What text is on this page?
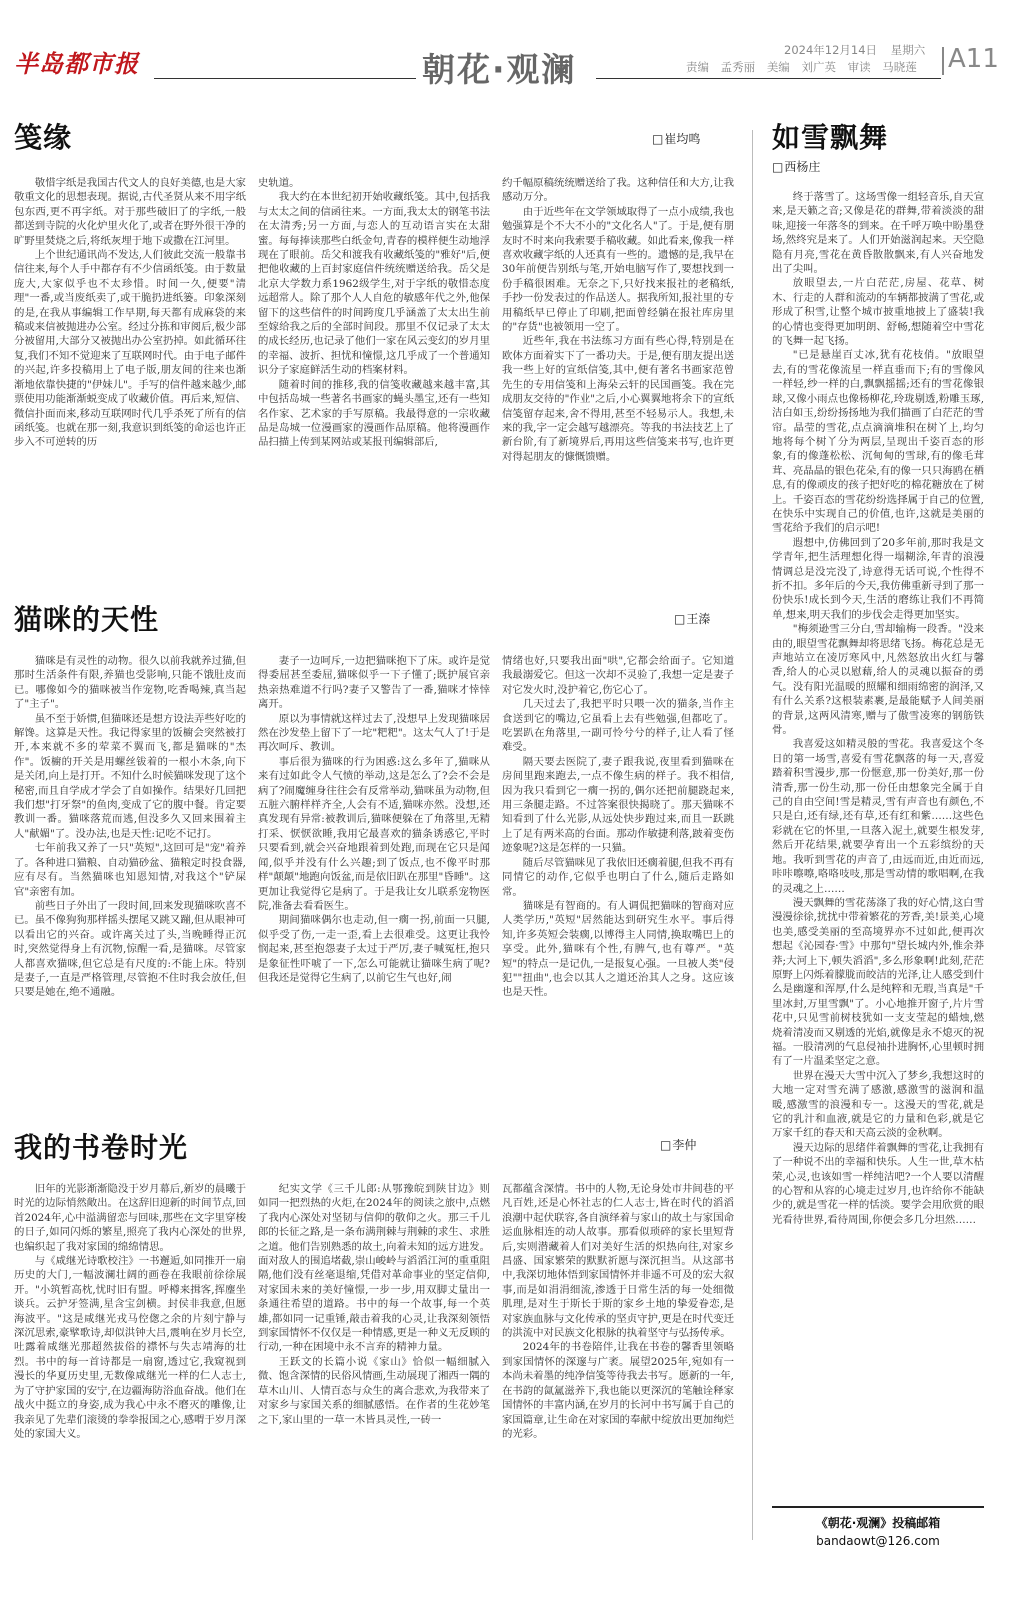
半岛都市报	朝花·观澜	2024年12月14日 星期六
责编 孟秀丽 美编 刘广英 审读 马晓莲	A11
笺缘	□ 崔均鸣

敬惜字纸是我国古代文人的良好美德,也是大家敬重文化的思想表现。据说,古代圣贤从来不用字纸包东西,更不再字纸。对于那些破旧了的字纸,一般都送到寺院的火化炉里火化了,或者在野外很干净的旷野里焚烧之后,将纸灰埋于地下或撒在江河里。

上个世纪通讯尚不发达,人们彼此交流一般靠书信往来,每个人手中都存有不少信函纸笺。由于数量庞大,大家似乎也不太珍惜。时间一久,便要"清理"一番,或当废纸卖了,或干脆扔进纸篓。印象深刻的是,在我从事编辑工作早期,每天都有成麻袋的来稿或来信被抛进办公室。经过分拣和审阅后,极少部分被留用,大部分又被抛出办公室扔掉。如此循环往复,我们不知不觉迎来了互联网时代。由于电子邮件的兴起,许多投稿用上了电子版,朋友间的往来也渐渐地依靠快捷的"伊妹儿"。手写的信件越来越少,邮票使用功能渐渐蜕变成了收藏价值。再后来,短信、微信扑面而来,移动互联网时代几乎杀死了所有的信函纸笺。也就在那一刻,我意识到纸笺的命运也许正步入不可逆转的历

史轨道。

我大约在本世纪初开始收藏纸笺。其中,包括我与太太之间的信函往来。一方面,我太太的钢笔书法在太清秀;另一方面,与恋人的互动语言实在太甜蜜。每每捧读那些白纸金句,青春的模样便生动地浮现在了眼前。岳父和渡我有收藏纸笺的"雅好"后,便把他收藏的上百封家庭信件统统赠送给我。岳父是北京大学数力系1962级学生,对于字纸的敬惜态度远超常人。除了那个人人自危的敏感年代之外,他保留下的这些信件的时间跨度几乎涵盖了太太出生前至嫁给我之后的全部时间段。那里不仅记录了太太的成长经历,也记录了他们一家在风云变幻的岁月里的幸福、波折、担忧和憧憬,这几乎成了一个普通知识分子家庭鲜活生动的档案材料。

随着时间的推移,我的信笺收藏越来越丰富,其中包括岛城一些著名书画家的蝇头墨宝,还有一些知名作家、艺术家的手写原稿。我最得意的一宗收藏品是岛城一位漫画家的漫画作品原稿。他将漫画作品扫描上传到某网站或某报刊编辑部后,

约千幅原稿统统赠送给了我。这种信任和大方,让我感动万分。

由于近些年在文学领域取得了一点小成绩,我也勉强算是个不大不小的"文化名人"了。于是,便有朋友时不时来向我索要手稿收藏。如此看来,像我一样喜欢收藏字纸的人还真有一些的。遗憾的是,我早在30年前便告别纸与笔,开始电脑写作了,要想找到一份手稿很困难。无奈之下,只好找来报社的老稿纸,手抄一份发表过的作品送人。据我所知,报社里的专用稿纸早已停止了印刷,把面曾经躺在报社库房里的"存货"也被领用一空了。

近些年,我在书法练习方面有些心得,特别是在欧体方面着实下了一番功夫。于是,便有朋友提出送我一些上好的宣纸信笺,其中,便有著名书画家范曾先生的专用信笺和上海朵云轩的民国画笺。我在完成朋友交待的"作业"之后,小心翼翼地将余下的宣纸信笺留存起来,舍不得用,甚至不轻易示人。我想,未来的我,字一定会越写越漂亮。等我的书法技艺上了新台阶,有了新境界后,再用这些信笺来书写,也许更对得起朋友的慷慨馈赠。

猫咪的天性	□ 王溱

猫咪是有灵性的动物。很久以前我就养过猫,但那时生活条件有限,养猫也受影响,只能不饿肚皮而已。哪像如今的猫咪被当作宠物,吃香喝辣,真当起了"主子"。

虽不至于娇惯,但猫咪还是想方设法弄些好吃的解馋。这算是天性。我记得家里的饭櫥会突然被打开,本来就不多的荤菜不翼而飞,都是猫咪的"杰作"。饭櫥的开关是用螺丝钹着的一根小木条,向下是关闭,向上是打开。不知什么时候猫咪发现了这个秘密,而且自学成才学会了自如操作。结果好几回把我们想"打牙祭"的鱼肉,变成了它的腹中餐。肯定要教训一番。猫咪落荒而逃,但没多久又回来围着主人"献媚"了。没办法,也是天性:记吃不记打。

七年前我又养了一只"英短",这回可是"宠"着养了。各种进口猫粮、自动猫砂盆、猫粮定时投食器,应有尽有。当然猫咪也知恩知情,对我这个"铲屎官"亲密有加。

前些日子外出了一段时间,回来发现猫咪吹喜不已。虽不像狗狗那样摇头摆尾又跳又蹦,但从眼神可以看出它的兴奋。或许离关过了头,当晚睡得正沉时,突然觉得身上有沉物,惊醒一看,是猫咪。尽管家人都喜欢猫咪,但它总是有尺度的:不能上床。特别是妻子,一直是严格管理,尽管抱不住时我会放任,但只要是她在,绝不通融。

妻子一边呵斥,一边把猫咪抱下了床。或许是觉得委屈甚至委屈,猫咪似乎一下子懂了;既护展官亲热亲热难道不行吗?妻子又警告了一番,猫咪才悻悻离开。

原以为事情就这样过去了,没想早上发现猫咪居然在沙发垫上留下了一坨"粑粑"。这太气人了!于是再次呵斥、教训。

事后很为猫咪的行为困惑:这么多年了,猫咪从来有过如此令人气愤的举动,这是怎么了?会不会是病了?闹魔缠身往往会有反常举动,猫咪虽为动物,但五脏六腑样样齐全,人会有不适,猫咪亦然。没想,还真发现有异常:被教训后,猫咪便躲在了角落里,无精打采、恹恹欲睡,我用它最喜欢的猫条诱惑它,平时只要看到,就会兴奋地跟着到处跑,而现在它只是闻闻,似乎并没有什么兴趣;到了饭点,也不像平时那样"颠颠"地跑向饭盆,而是依旧趴在那里"昏睡"。这更加让我觉得它是病了。于是我让女儿联系宠物医院,准备去看看医生。

期间猫咪偶尔也走动,但一瘸一拐,前面一只腿,似乎受了伤,一走一歪,看上去很难受。这更让我怜悯起来,甚至抱怨妻子太过于严厉,妻子喊冤枉,抱只是象征性吓唬了一下,怎么可能就让猫咪生病了呢?但我还是觉得它生病了,以前它生气也好,闹

情绪也好,只要我出面"哄",它都会给面子。它知道我最溺爱它。但这一次却不灵验了,我想一定是妻子对它发火时,没护着它,伤它心了。

几天过去了,我把平时只喂一次的猫条,当作主食送到它的嘴边,它虽看上去有些勉强,但都吃了。吃罢趴在角落里,一副可怜兮兮的样子,让人看了怪难受。

隔天要去医院了,妻子跟我说,夜里看到猫咪在房间里跑来跑去,一点不像生病的样子。我不相信,因为我只看到它一瘸一拐的,偶尔还把前腿跷起来,用三条腿走路。不过答案很快揭晓了。那天猫咪不知看到了什么光影,从远处快步跑过来,而且一跃跳上了足有两米高的台面。那动作敏捷利落,跛着变伤迹象呢?这是怎样的一只猫。

随后尽管猫咪见了我依旧还瘸着腿,但我不再有同情它的动作,它似乎也明白了什么,随后走路如常。

猫咪是有智商的。有人调侃把猫咪的智商对应人类学历,"英短"居然能达到研究生水平。事后得知,许多英短会装瘸,以博得主人同情,换取嘴巴上的享受。此外,猫咪有个性,有脾气,也有尊严。"英短"的特点一是记仇,一是报复心强。一旦被人类"侵犯""扭曲",也会以其人之道还治其人之身。这应该也是天性。

我的书卷时光	□ 李仲

旧年的光影渐渐隐没于岁月幕后,新岁的晨曦于时光的边际悄然敞出。在这辞旧迎新的时间节点,回首2024年,心中溢满留恋与回味,那些在文字里穿梭的日子,如同闪烁的繁星,照亮了我内心深处的世界,也编织起了我对家国的绵绵情思。

与《咸继光诗歌校注》一书邂逅,如同推开一扇历史的大门,一幅波澜壮阔的画卷在我眼前徐徐展开。"小筑暂高枕,忧时旧有盟。呼樽来揖客,挥麈坐谈兵。云护牙签满,星含宝剑横。封侯非我意,但愿海波平。"这是咸继光戎马倥偬之余的片刻宁静与深沉思索,豪擘歌诗,却似洪钟大吕,震响在岁月长空,吐露着咸继光那超然拔俗的襟怀与失志靖海的壮烈。书中的每一首诗都是一扇窗,透过它,我窥视到漫长的华夏历史里,无数像咸继光一样的仁人志士,为了守护家国的安宁,在边疆海防浴血奋战。他们在战火中挺立的身姿,成为我心中永不磨灭的雕像,让我亲见了先辈们滚烫的拳拳报国之心,感喟于岁月深处的家国大义。

纪实文学《三千儿郎:从鄂豫皖到陕甘边》则如同一把烈热的火炬,在2024年的阅读之旅中,点燃了我内心深处对坚韧与信仰的敬仰之火。那三千儿郎的长征之路,是一条布满荆棘与荆棘的求生、求胜之道。他们告别熟悉的故土,向着未知的远方进发。面对敌人的围追堵截,崇山峻岭与滔滔江河的重重阻隔,他们没有丝毫退缩,凭借对革命事业的坚定信仰,对家国未来的美好憧憬,一步一步,用双脚丈量出一条通往希望的道路。书中的每一个故事,每一个英雄,都如同一记重锤,敲击着我的心灵,让我深刻领悟到家国情怀不仅仅是一种情感,更是一种义无反顾的行动,一种在困境中永不言弃的精神力量。

王跃文的长篇小说《家山》恰似一幅细腻入微、饱含深情的民俗风情画,生动展现了湘西一隅的草木山川、人情百态与众生的离合悲欢,为我带来了对家乡与家国关系的细腻感悟。在作者的生花妙笔之下,家山里的一草一木皆具灵性,一砖一

瓦都蕴含深情。书中的人物,无论身处市井间巷的平凡百姓,还是心怀社志的仁人志士,皆在时代的滔滔浪潮中起伏联容,各自演绎着与家山的故土与家国命运血脉相连的动人故事。那看似琐碎的家长里短背后,实则潜藏着人们对美好生活的炽热向往,对家乡昌盛、国家繁荣的默默祈愿与深沉担当。从这部书中,我深切地体悟到家国情怀并非遥不可及的宏大叙事,而是如涓涓细流,渗透于日常生活的每一处细微肌理,是对生于斯长于斯的家乡土地的挚爱眷恋,是对家族血脉与文化传承的坚贞守护,更是在时代变迁的洪流中对民族文化根脉的执着坚守与弘扬传承。

2024年的书卷陪伴,让我在书卷的馨香里领略到家国情怀的深邃与广袤。展望2025年,宛如有一本尚未着墨的纯净信笺等待我去书写。愿新的一年,在书韵的氤氲滋养下,我也能以更深沉的笔触诠释家国情怀的丰富内涵,在岁月的长河中书写属于自己的家国篇章,让生命在对家国的奉献中绽放出更加绚烂的光彩。

如雪飘舞
□ 西杨庄

终于落雪了。这场雪像一组轻音乐,自天宣来,是天籁之音;又像是花的群舞,带着淡淡的甜味,迎接一年落冬的到来。在千呼万唤中盼墨登场,然终究是来了。人们开始滋润起来。天空隐隐有月亮,雪花在黄昏散散飘来,有人兴奋地发出了尖叫。

放眼望去,一片白茫茫,房屋、花草、树木、行走的人群和流动的车辆都披满了雪花,或形成了积雪,让整个城市披重地披上了盛装!我的心情也变得更加明朗、舒畅,想随着空中雪花的飞舞一起飞扬。

"已是悬崖百丈冰,犹有花枝俏。"放眼望去,有的雪花像流星一样直垂而下;有的雪像风一样轻,纱一样的白,飘飘摇摇;还有的雪花像银球,又像小雨点也像杨柳花,玲珑剔透,粉雕玉琢,洁白如玉,纷纷扬扬地为我们描画了白茫茫的雪帘。晶莹的雪花,点点滴滴堆积在树丫上,均匀地将每个树丫分为两层,呈现出千姿百态的形象,有的像蓬松松、沉甸甸的雪球,有的像毛茸茸、亮晶晶的银色花朵,有的像一只只海鸥在栖息,有的像顽皮的孩子把好吃的棉花糖放在了树上。千姿百态的雪花纷纷选择属于自己的位置,在快乐中实现自己的价值,也许,这就是美丽的雪花给予我们的启示吧!

遐想中,仿佛回到了20多年前,那时我是文学青年,把生活理想化得一塌糊涂,年青的浪漫情调总是没完没了,诗意得无话可说,个性得不折不扣。多年后的今天,我仿佛重新寻到了那一份快乐!成长到今天,生活的磨练让我们不再简单,想来,明天我们的步伐会走得更加坚实。

"梅须逊雪三分白,雪却输梅一段香。"没来由的,眼望雪花飘舞却将思绪飞扬。梅花总是无声地站立在凌厉寒风中,凡然怒放出火红与馨香,给人的心灵以慰藉,给人的灵魂以振奋的勇气。没有阳光温暖的照耀和细雨绵密的润泽,又有什么关系?这根装素裹,是最能赋予人间美丽的背景,这两风清寒,赠与了傲雪凌寒的钢筋铁骨。

我喜爱这如精灵般的雪花。我喜爱这个冬日的第一场雪,喜爱有雪花飘落的每一天,喜爱踏着积雪漫步,那一份惬意,那一份美好,那一份清香,那一份生动,那一份任由想象完全属于自己的自由空间!雪是精灵,雪有声音也有颜色,不只是白,还有绿,还有草,还有红和紫……这些色彩就在它的怀里,一旦落入泥土,就要生根发芽,然后开花结果,就要孕育出一个五彩缤纷的天地。我听到雪花的声音了,由远而近,由近而远,咔咔嚓嚓,咯咯吱吱,那是雪动情的歌唱啊,在我的灵魂之上……

漫天飘舞的雪花荡涤了我的好心情,这白雪漫漫徐徐,扰扰中带着繁花的芳香,美!景美,心境也美,感受美丽的至高境界亦不过如此,便再次想起《沁园春·雪》中那句"望长城内外,惟余莽莽;大河上下,顿失滔滔",多么形象啊!此刻,茫茫原野上闪烁着朦胧而皎洁的光泽,让人感受到什么是幽邃和浑厚,什么是纯粹和无瑕,当真是"千里冰封,万里雪飘"了。小心地推开窗子,片片雪花中,只见雪前树枝犹如一支支莹起的蜡烛,燃烧着清凌而又剔透的光焰,就像是永不熄灭的祝福。一股清冽的气息侵袖扑进胸怀,心里顿时拥有了一片温柔坚定之意。

世界在漫天大雪中沉入了梦乡,我想这时的大地一定对雪充满了感激,感激雪的滋润和温暖,感激雪的浪漫和专一。这漫天的雪花,就是它的乳汁和血液,就是它的力量和色彩,就是它万家千红的春天和天高云淡的金秋啊。

漫天边际的思绪伴着飘舞的雪花,让我拥有了一种说不出的幸福和快乐。人生一世,草木枯荣,心灵,也该如雪一样纯洁吧?一个人要以清醒的心智和从容的心境走过岁月,也许给你不能缺少的,就是雪花一样的恬淡。要学会用欣赏的眼光看待世界,看待周围,你便会多几分坦然……

《朝花·观澜》投稿邮箱
bandaowt@126.com
